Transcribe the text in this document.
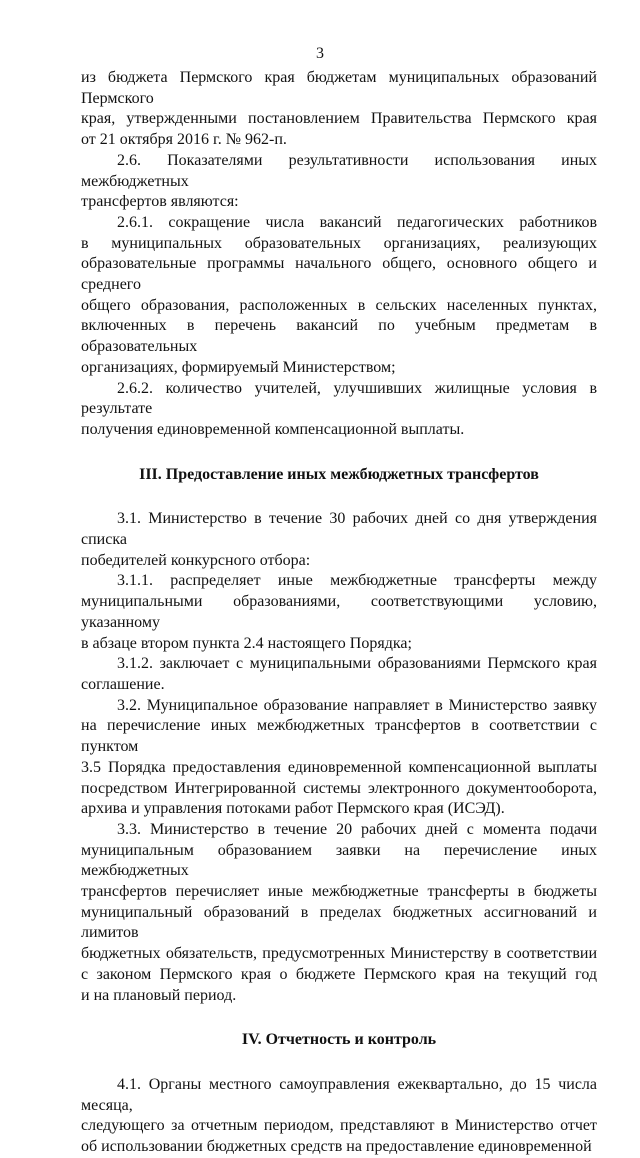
3

из бюджета Пермского края бюджетам муниципальных образований Пермского

края, утвержденными постановлением Правительства Пермского края

от 21 октября 2016 г. № 962-п.

2.6. Показателями результативности использования иных межбюджетных

трансфертов являются:

2.6.1. сокращение числа вакансий педагогических работников

в муниципальных образовательных организациях, реализующих

образовательные программы начального общего, основного общего и среднего

общего образования, расположенных в сельских населенных пунктах,

включенных в перечень вакансий по учебным предметам в образовательных

организациях, формируемый Министерством;

2.6.2. количество учителей, улучшивших жилищные условия в результате

получения единовременной компенсационной выплаты.

III. Предоставление иных межбюджетных трансфертов

3.1. Министерство в течение 30 рабочих дней со дня утверждения списка

победителей конкурсного отбора:

3.1.1. распределяет иные межбюджетные трансферты между

муниципальными образованиями, соответствующими условию, указанному

в абзаце втором пункта 2.4 настоящего Порядка;

3.1.2. заключает с муниципальными образованиями Пермского края

соглашение.

3.2. Муниципальное образование направляет в Министерство заявку

на перечисление иных межбюджетных трансфертов в соответствии с пунктом

3.5 Порядка предоставления единовременной компенсационной выплаты

посредством Интегрированной системы электронного документооборота,

архива и управления потоками работ Пермского края (ИСЭД).

3.3. Министерство в течение 20 рабочих дней с момента подачи

муниципальным образованием заявки на перечисление иных межбюджетных

трансфертов перечисляет иные межбюджетные трансферты в бюджеты

муниципальный образований в пределах бюджетных ассигнований и лимитов

бюджетных обязательств, предусмотренных Министерству в соответствии

с законом Пермского края о бюджете Пермского края на текущий год

и на плановый период.

IV. Отчетность и контроль

4.1. Органы местного самоуправления ежеквартально, до 15 числа месяца,

следующего за отчетным периодом, представляют в Министерство отчет

об использовании бюджетных средств на предоставление единовременной
